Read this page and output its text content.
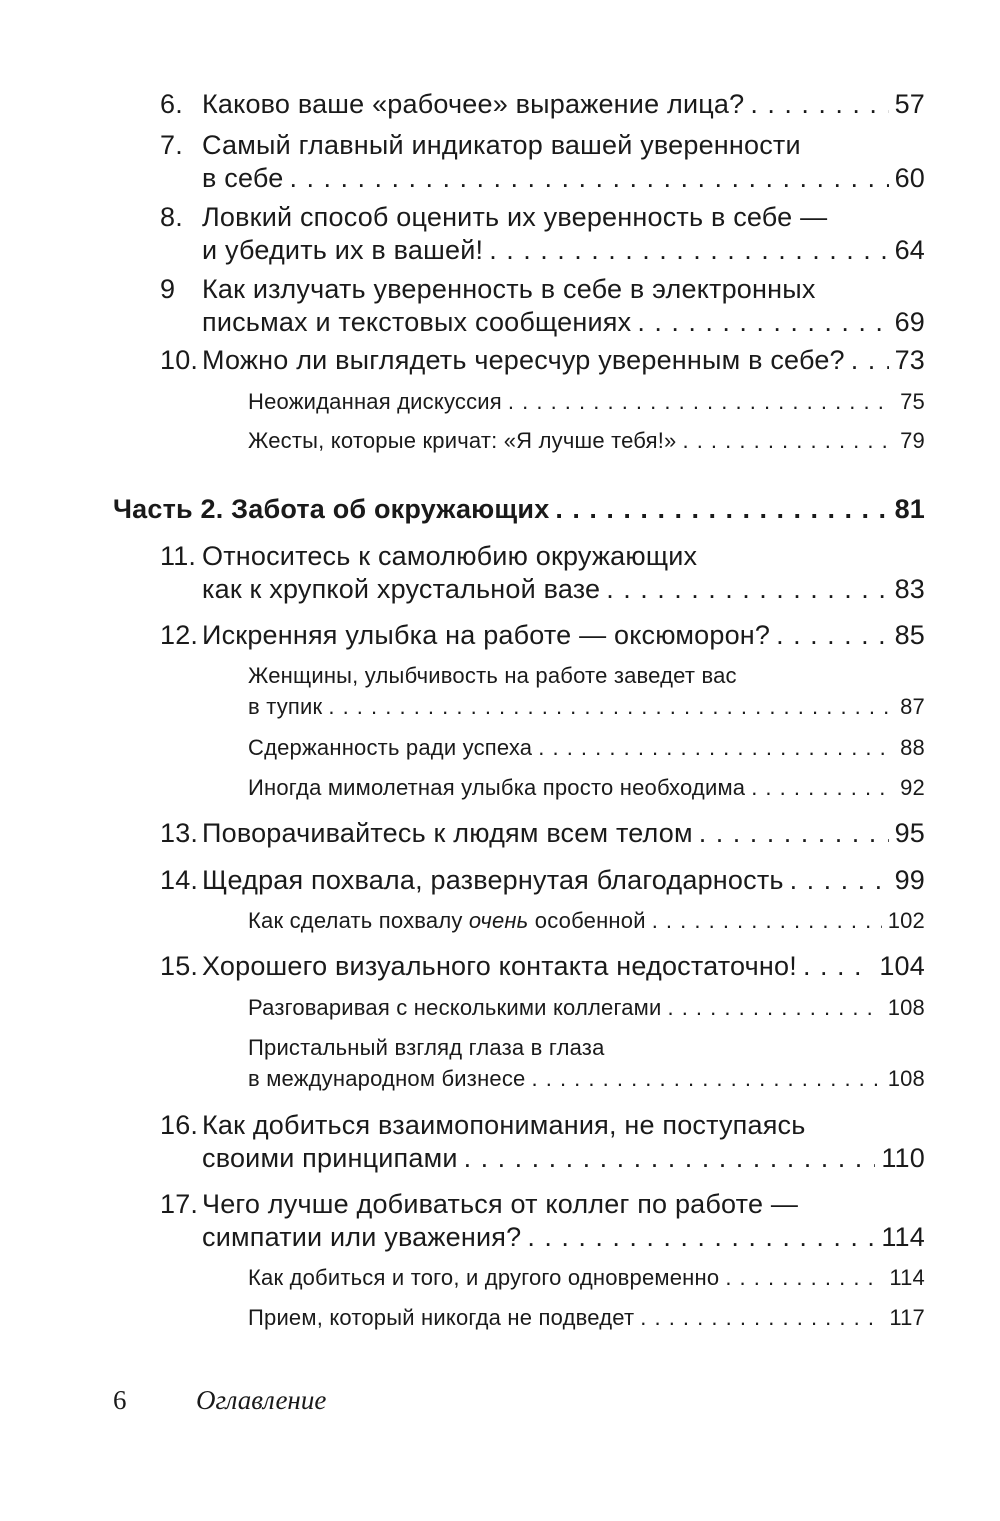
6. Каково ваше «рабочее» выражение лица? . . .	57
7. Самый главный индикатор вашей уверенности
в себе . . .	60
8. Ловкий способ оценить их уверенность в себе —
и убедить их в вашей! . . .	64
9 Как излучать уверенность в себе в электронных
письмах и текстовых сообщениях . . .	69
10. Можно ли выглядеть чересчур уверенным в себе? . . . 73
Неожиданная дискуссия . . .	75
Жесты, которые кричат: «Я лучше тебя!» . . .	79
Часть 2. Забота об окружающих . . .	81
11. Относитесь к самолюбию окружающих
как к хрупкой хрустальной вазе . . .	83
12. Искренняя улыбка на работе — оксюморон? . . .	85
Женщины, улыбчивость на работе заведет вас
в тупик . . .	87
Сдержанность ради успеха . . .	88
Иногда мимолетная улыбка просто необходима . . .	92
13. Поворачивайтесь к людям всем телом . . .	95
14. Щедрая похвала, развернутая благодарность . . .	99
Как сделать похвалу очень особенной . . .	102
15. Хорошего визуального контакта недостаточно! . . .	104
Разговаривая с несколькими коллегами . . .	108
Пристальный взгляд глаза в глаза
в международном бизнесе . . .	108
16. Как добиться взаимопонимания, не поступаясь
своими принципами . . .	110
17. Чего лучше добиваться от коллег по работе —
симпатии или уважения? . . .	114
Как добиться и того, и другого одновременно . . .	114
Прием, который никогда не подведет . . .	117
6	Оглавление
